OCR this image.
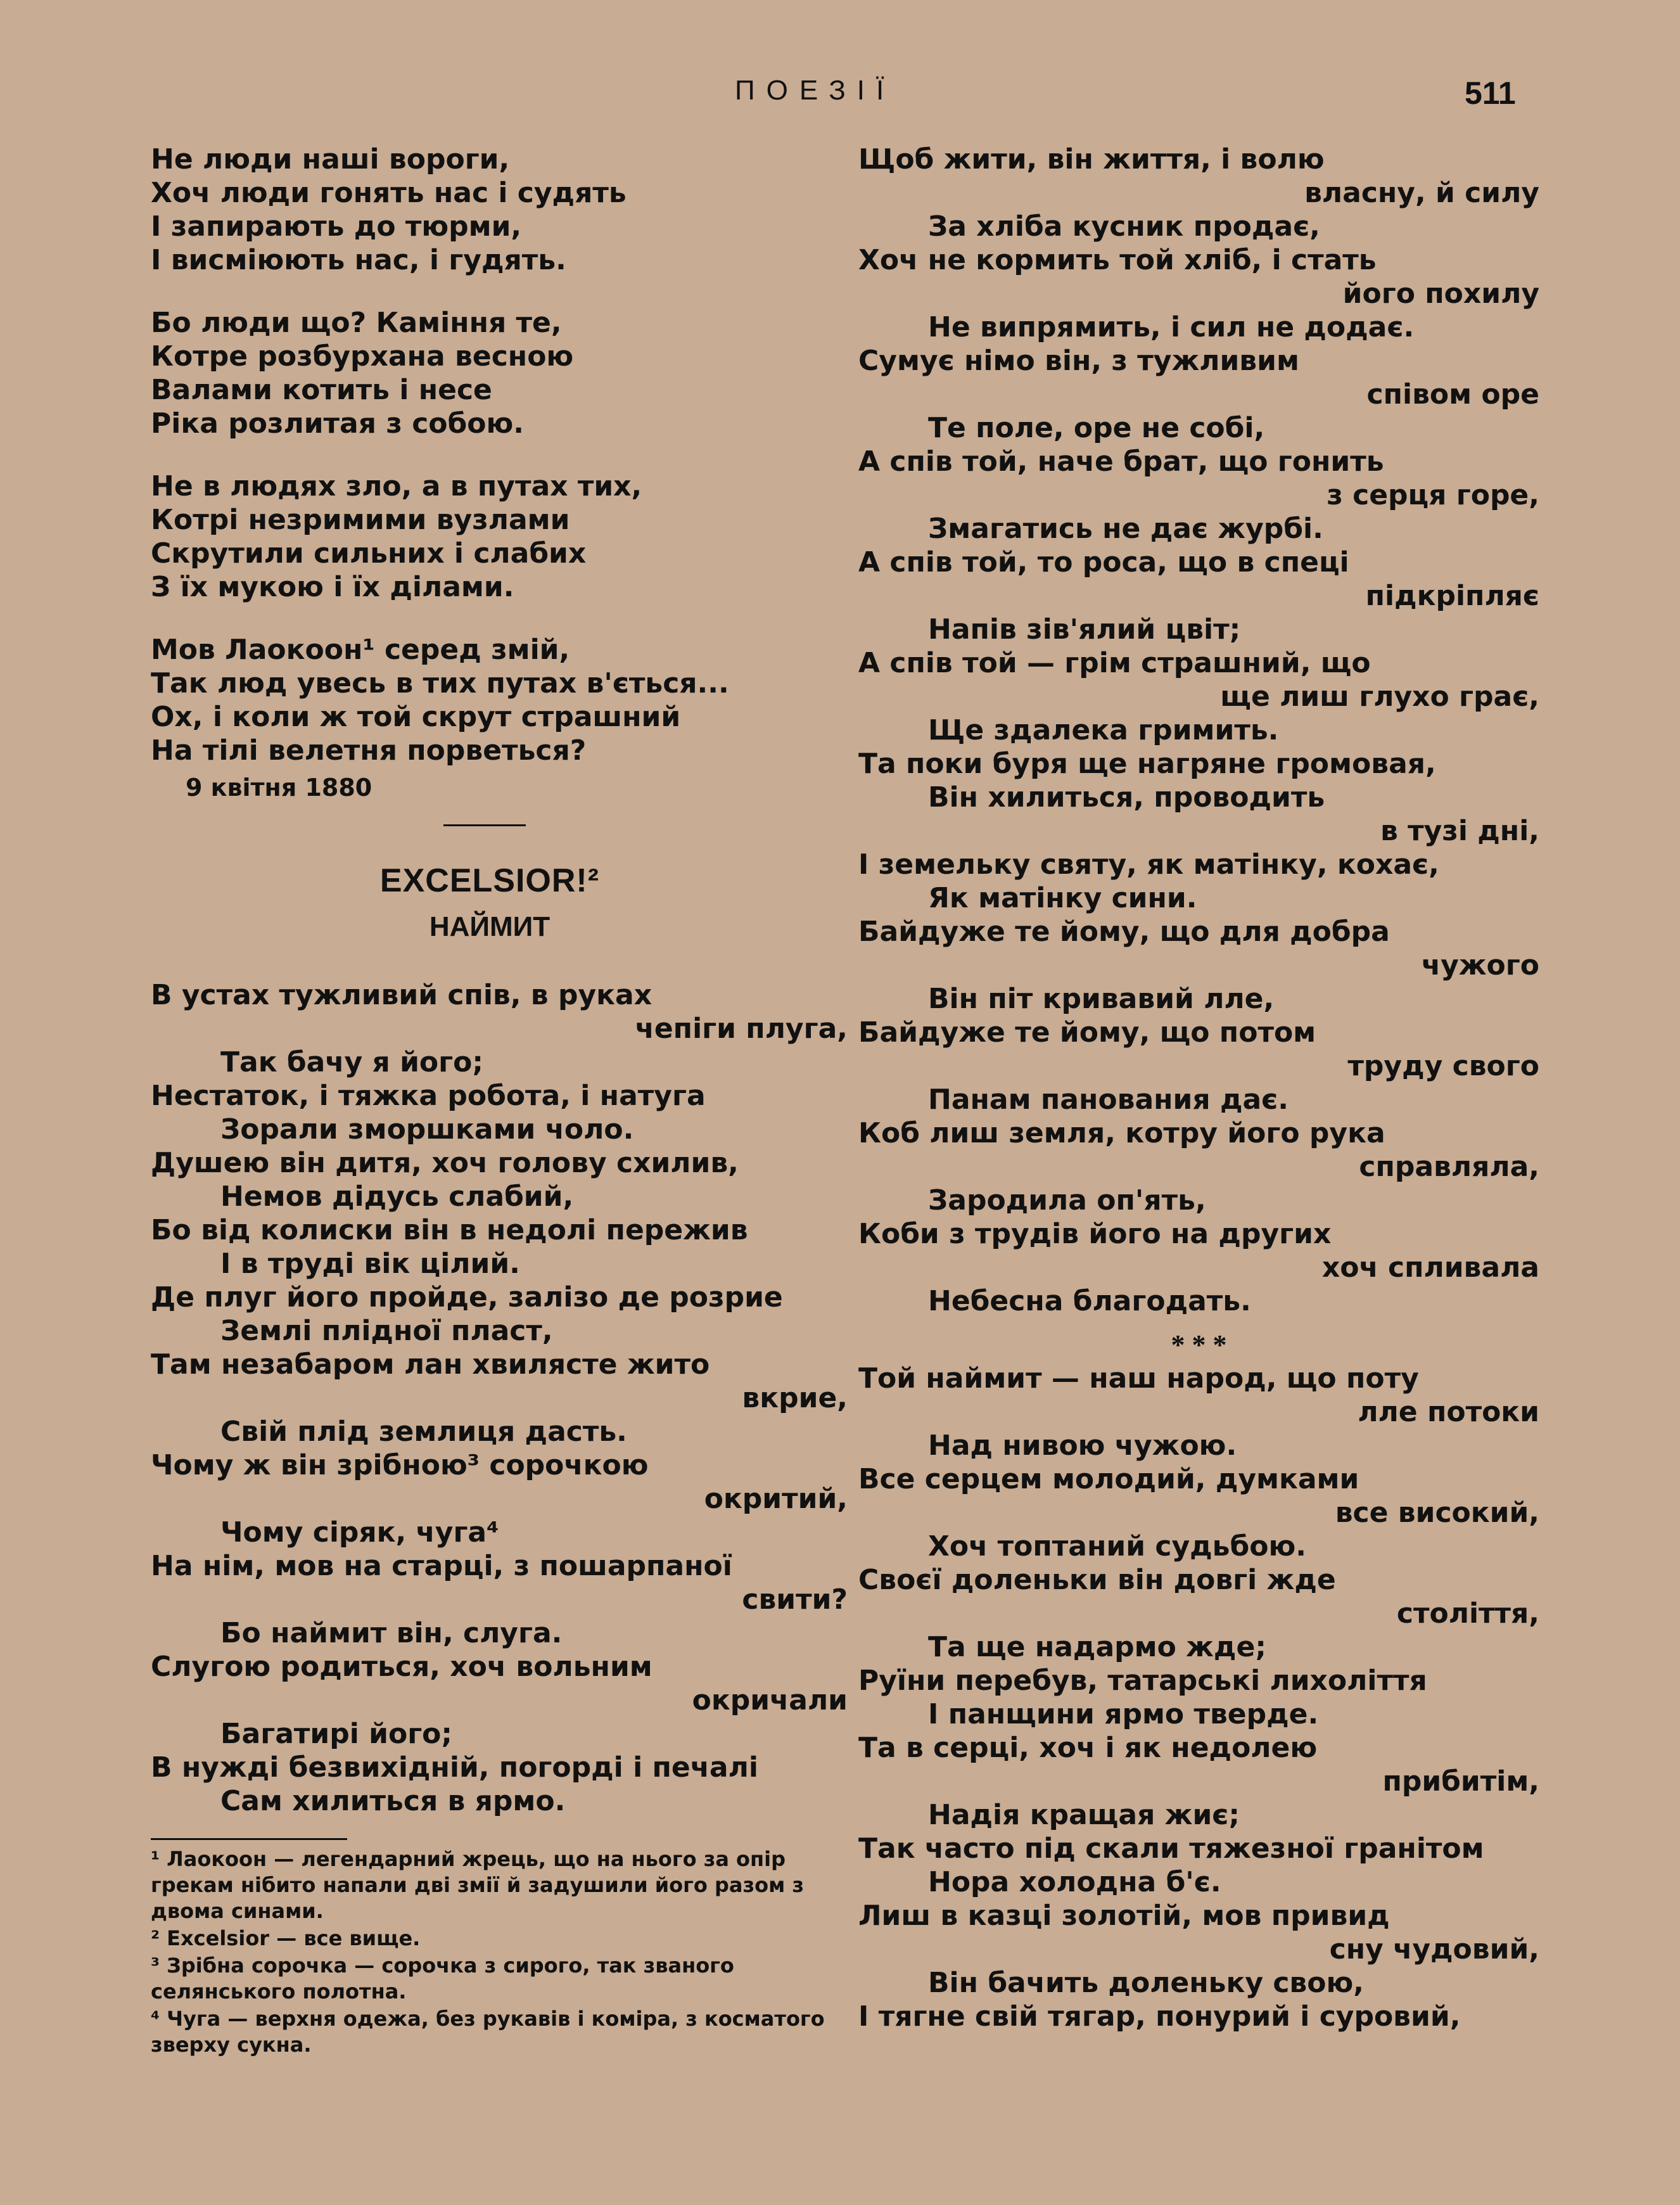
ПОЕЗІЇ	511
Не люди наші вороги,
Хоч люди гонять нас і судять
І запирають до тюрми,
І висміюють нас, і гудять.
Бо люди що? Каміння те,
Котре розбурхана весною
Валами котить і несе
Ріка розлитая з собою.
Не в людях зло, а в путах тих,
Котрі незримими вузлами
Скрутили сильних і слабих
З їх мукою і їх ділами.
Мов Лаокоон¹ серед змій,
Так люд увесь в тих путах в'ється...
Ох, і коли ж той скрут страшний
На тілі велетня порветься?
9 квітня 1880
EXCELSIOR!²
НАЙМИТ
В устах тужливий спів, в руках
чепіги плуга,
Так бачу я його;
Нестаток, і тяжка робота, і натуга
Зорали зморшками чоло.
Душею він дитя, хоч голову схилив,
Немов дідусь слабий,
Бо від колиски він в недолі пережив
І в труді вік цілий.
Де плуг його пройде, залізо де розрие
Землі плідної пласт,
Там незабаром лан хвилясте жито
вкрие,
Свій плід землиця дасть.
Чому ж він зрібною³ сорочкою
окритий,
Чому сіряк, чуга⁴
На нім, мов на старці, з пошарпаної
свити?
Бо наймит він, слуга.
Слугою родиться, хоч вольним
окричали
Багатирі його;
В нужді безвихідній, погорді і печалі
Сам хилиться в ярмо.
¹ Лаокоон — легендарний жрець, що на нього за опір грекам нібито напали дві змії й задушили його разом з двома синами.
² Excelsior — все вище.
³ Зрібна сорочка — сорочка з сирого, так званого селянського полотна.
⁴ Чуга — верхня одежа, без рукавів і коміра, з косматого зверху сукна.
Щоб жити, він життя, і волю
власну, й силу
За хліба кусник продає,
Хоч не кормить той хліб, і стать
його похилу
Не випрямить, і сил не додає.
Сумує німо він, з тужливим
співом оре
Те поле, оре не собі,
А спів той, наче брат, що гонить
з серця горе,
Змагатись не дає журбі.
А спів той, то роса, що в спеці
підкріпляє
Напів зів'ялий цвіт;
А спів той — грім страшний, що
ще лиш глухо грає,
Ще здалека гримить.
Та поки буря ще нагряне громовая,
Він хилиться, проводить
в тузі дні,
І земельку святу, як матінку, кохає,
Як матінку сини.
Байдуже те йому, що для добра
чужого
Він піт кривавий лле,
Байдуже те йому, що потом
труду свого
Панам панования дає.
Коб лиш земля, котру його рука
справляла,
Зародила оп'ять,
Коби з трудів його на других
хоч спливала
Небесна благодать.
* * *
Той наймит — наш народ, що поту
лле потоки
Над нивою чужою.
Все серцем молодий, думками
все високий,
Хоч топтаний судьбою.
Своєї доленьки він довгі жде
століття,
Та ще надармо жде;
Руїни перебув, татарські лихоліття
І панщини ярмо тверде.
Та в серці, хоч і як недолею
прибитім,
Надія кращая жиє;
Так часто під скали тяжезної гранітом
Нора холодна б'є.
Лиш в казці золотій, мов привид
сну чудовий,
Він бачить доленьку свою,
І тягне свій тягар, понурий і суровий,
